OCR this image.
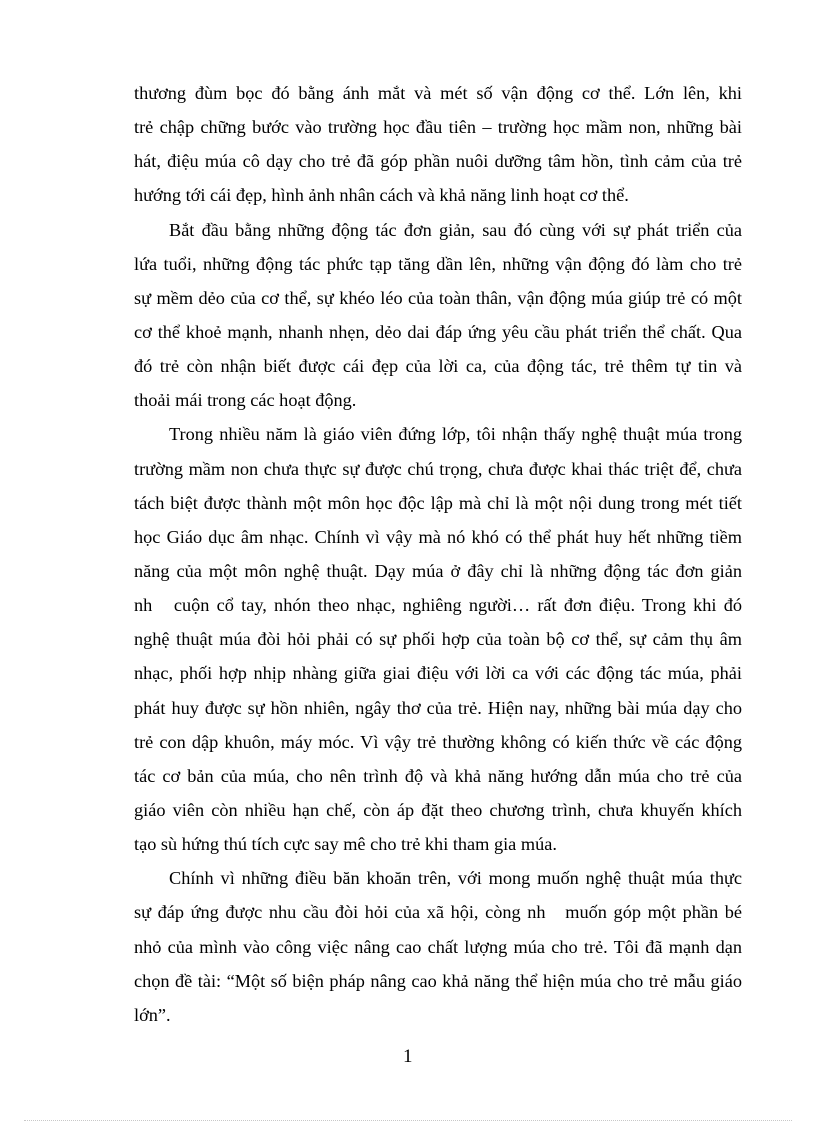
thương đùm bọc đó bằng ánh mắt và mét số vận động cơ thể. Lớn lên, khi
trẻ chập chững bước vào trường học đầu tiên – trường học mầm non, những bài
hát, điệu múa cô dạy cho trẻ đã góp phần nuôi dưỡng tâm hồn, tình cảm của trẻ
hướng tới cái đẹp, hình ảnh nhân cách và khả năng linh hoạt cơ thể.
Bắt đầu bằng những động tác đơn giản, sau đó cùng với sự phát triển của
lứa tuổi, những động tác phức tạp tăng dần lên, những vận động đó làm cho trẻ
sự mềm dẻo của cơ thể, sự khéo léo của toàn thân, vận động múa giúp trẻ có một
cơ thể khoẻ mạnh, nhanh nhẹn, dẻo dai đáp ứng yêu cầu phát triển thể chất. Qua
đó trẻ còn nhận biết được cái đẹp của lời ca, của động tác, trẻ thêm tự tin và
thoải mái trong các hoạt động.
Trong nhiều năm là giáo viên đứng lớp, tôi nhận thấy nghệ thuật múa trong
trường mầm non chưa thực sự được chú trọng, chưa được khai thác triệt để, chưa
tách biệt được thành một môn học độc lập mà chỉ là một nội dung trong mét tiết
học Giáo dục âm nhạc. Chính vì vậy mà nó khó có thể phát huy hết những tiềm
năng của một môn nghệ thuật. Dạy múa ở đây chỉ là những động tác đơn giản
nh   cuộn cổ tay, nhón theo nhạc, nghiêng người… rất đơn điệu. Trong khi đó
nghệ thuật múa đòi hỏi phải có sự phối hợp của toàn bộ cơ thể, sự cảm thụ âm
nhạc, phối hợp nhịp nhàng giữa giai điệu với lời ca với các động tác múa, phải
phát huy được sự hồn nhiên, ngây thơ của trẻ. Hiện nay, những bài múa dạy cho
trẻ con dập khuôn, máy móc. Vì vậy trẻ thường không có kiến thức về các động
tác cơ bản của múa, cho nên trình độ và khả năng hướng dẫn múa cho trẻ của
giáo viên còn nhiều hạn chế, còn áp đặt theo chương trình, chưa khuyến khích
tạo sù hứng thú tích cực say mê cho trẻ khi tham gia múa.
Chính vì những điều băn khoăn trên, với mong muốn nghệ thuật múa thực
sự đáp ứng được nhu cầu đòi hỏi của xã hội, còng nh   muốn góp một phần bé
nhỏ của mình vào công việc nâng cao chất lượng múa cho trẻ. Tôi đã mạnh dạn
chọn đề tài: “Một số biện pháp nâng cao khả năng thể hiện múa cho trẻ mẫu giáo
lớn”.
1
